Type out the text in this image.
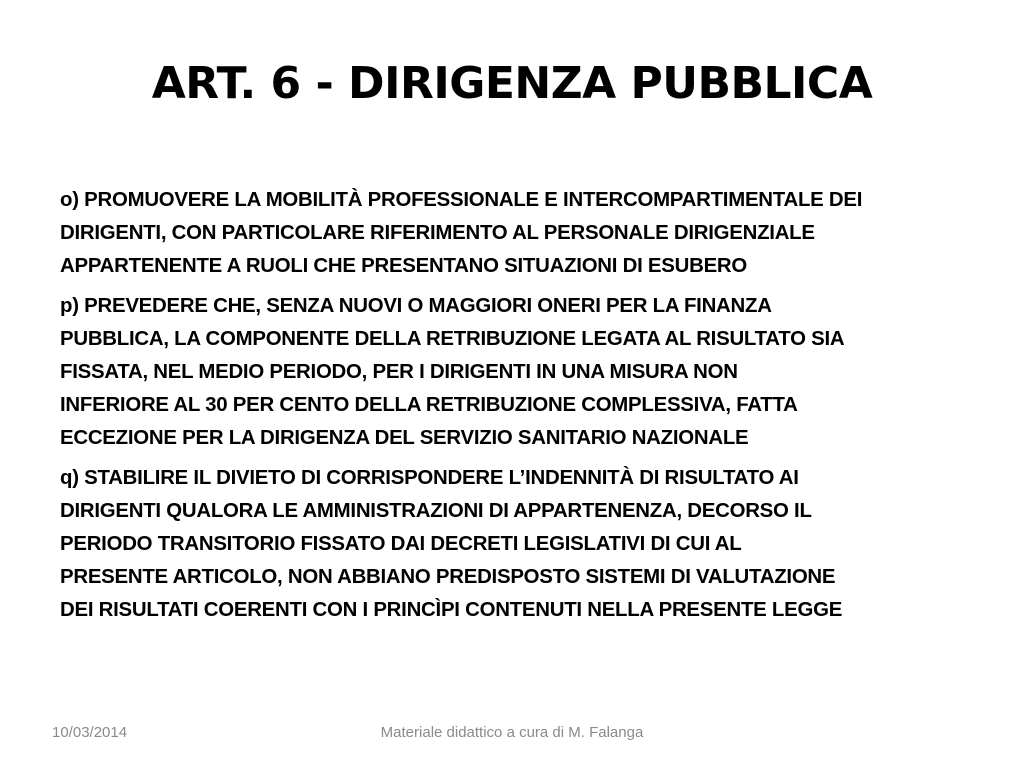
ART. 6 - DIRIGENZA PUBBLICA

o) PROMUOVERE LA MOBILITÀ PROFESSIONALE E INTERCOMPARTIMENTALE DEI
DIRIGENTI, CON PARTICOLARE RIFERIMENTO AL PERSONALE DIRIGENZIALE
APPARTENENTE A RUOLI CHE PRESENTANO SITUAZIONI DI ESUBERO

p) PREVEDERE CHE, SENZA NUOVI O MAGGIORI ONERI PER LA FINANZA
PUBBLICA, LA COMPONENTE DELLA RETRIBUZIONE LEGATA AL RISULTATO SIA
FISSATA, NEL MEDIO PERIODO, PER I DIRIGENTI IN UNA MISURA NON
INFERIORE AL 30 PER CENTO DELLA RETRIBUZIONE COMPLESSIVA, FATTA
ECCEZIONE PER LA DIRIGENZA DEL SERVIZIO SANITARIO NAZIONALE

q) STABILIRE IL DIVIETO DI CORRISPONDERE L’INDENNITÀ DI RISULTATO AI
DIRIGENTI QUALORA LE AMMINISTRAZIONI DI APPARTENENZA, DECORSO IL
PERIODO TRANSITORIO FISSATO DAI DECRETI LEGISLATIVI DI CUI AL
PRESENTE ARTICOLO, NON ABBIANO PREDISPOSTO SISTEMI DI VALUTAZIONE
DEI RISULTATI COERENTI CON I PRINCÌPI CONTENUTI NELLA PRESENTE LEGGE

10/03/2014	Materiale didattico a cura di M. Falanga
